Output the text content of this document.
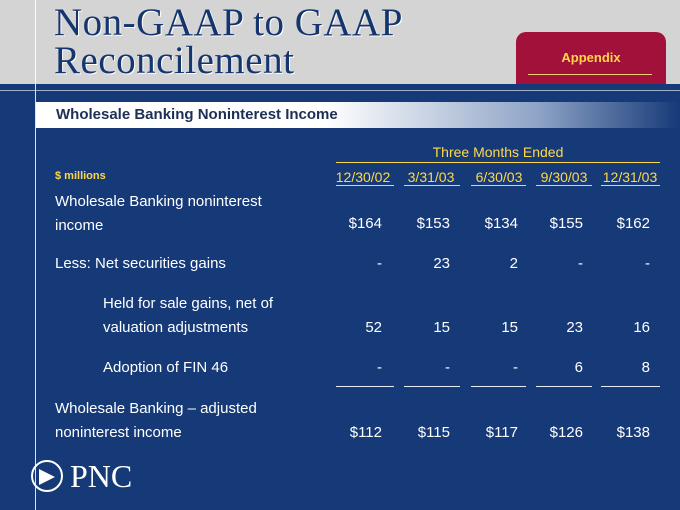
Non-GAAP to GAAP
Reconcilement	Appendix
Wholesale Banking Noninterest Income
Three Months Ended
$ millions	12/30/02	3/31/03	6/30/03	9/30/03	12/31/03
Wholesale Banking noninterest
income	$164	$153	$134	$155	$162
Less: Net securities gains	-	23	2	-	-
Held for sale gains, net of
valuation adjustments	52	15	15	23	16
Adoption of FIN 46	-	-	-	6	8
Wholesale Banking – adjusted
noninterest income	$112	$115	$117	$126	$138
PNC
